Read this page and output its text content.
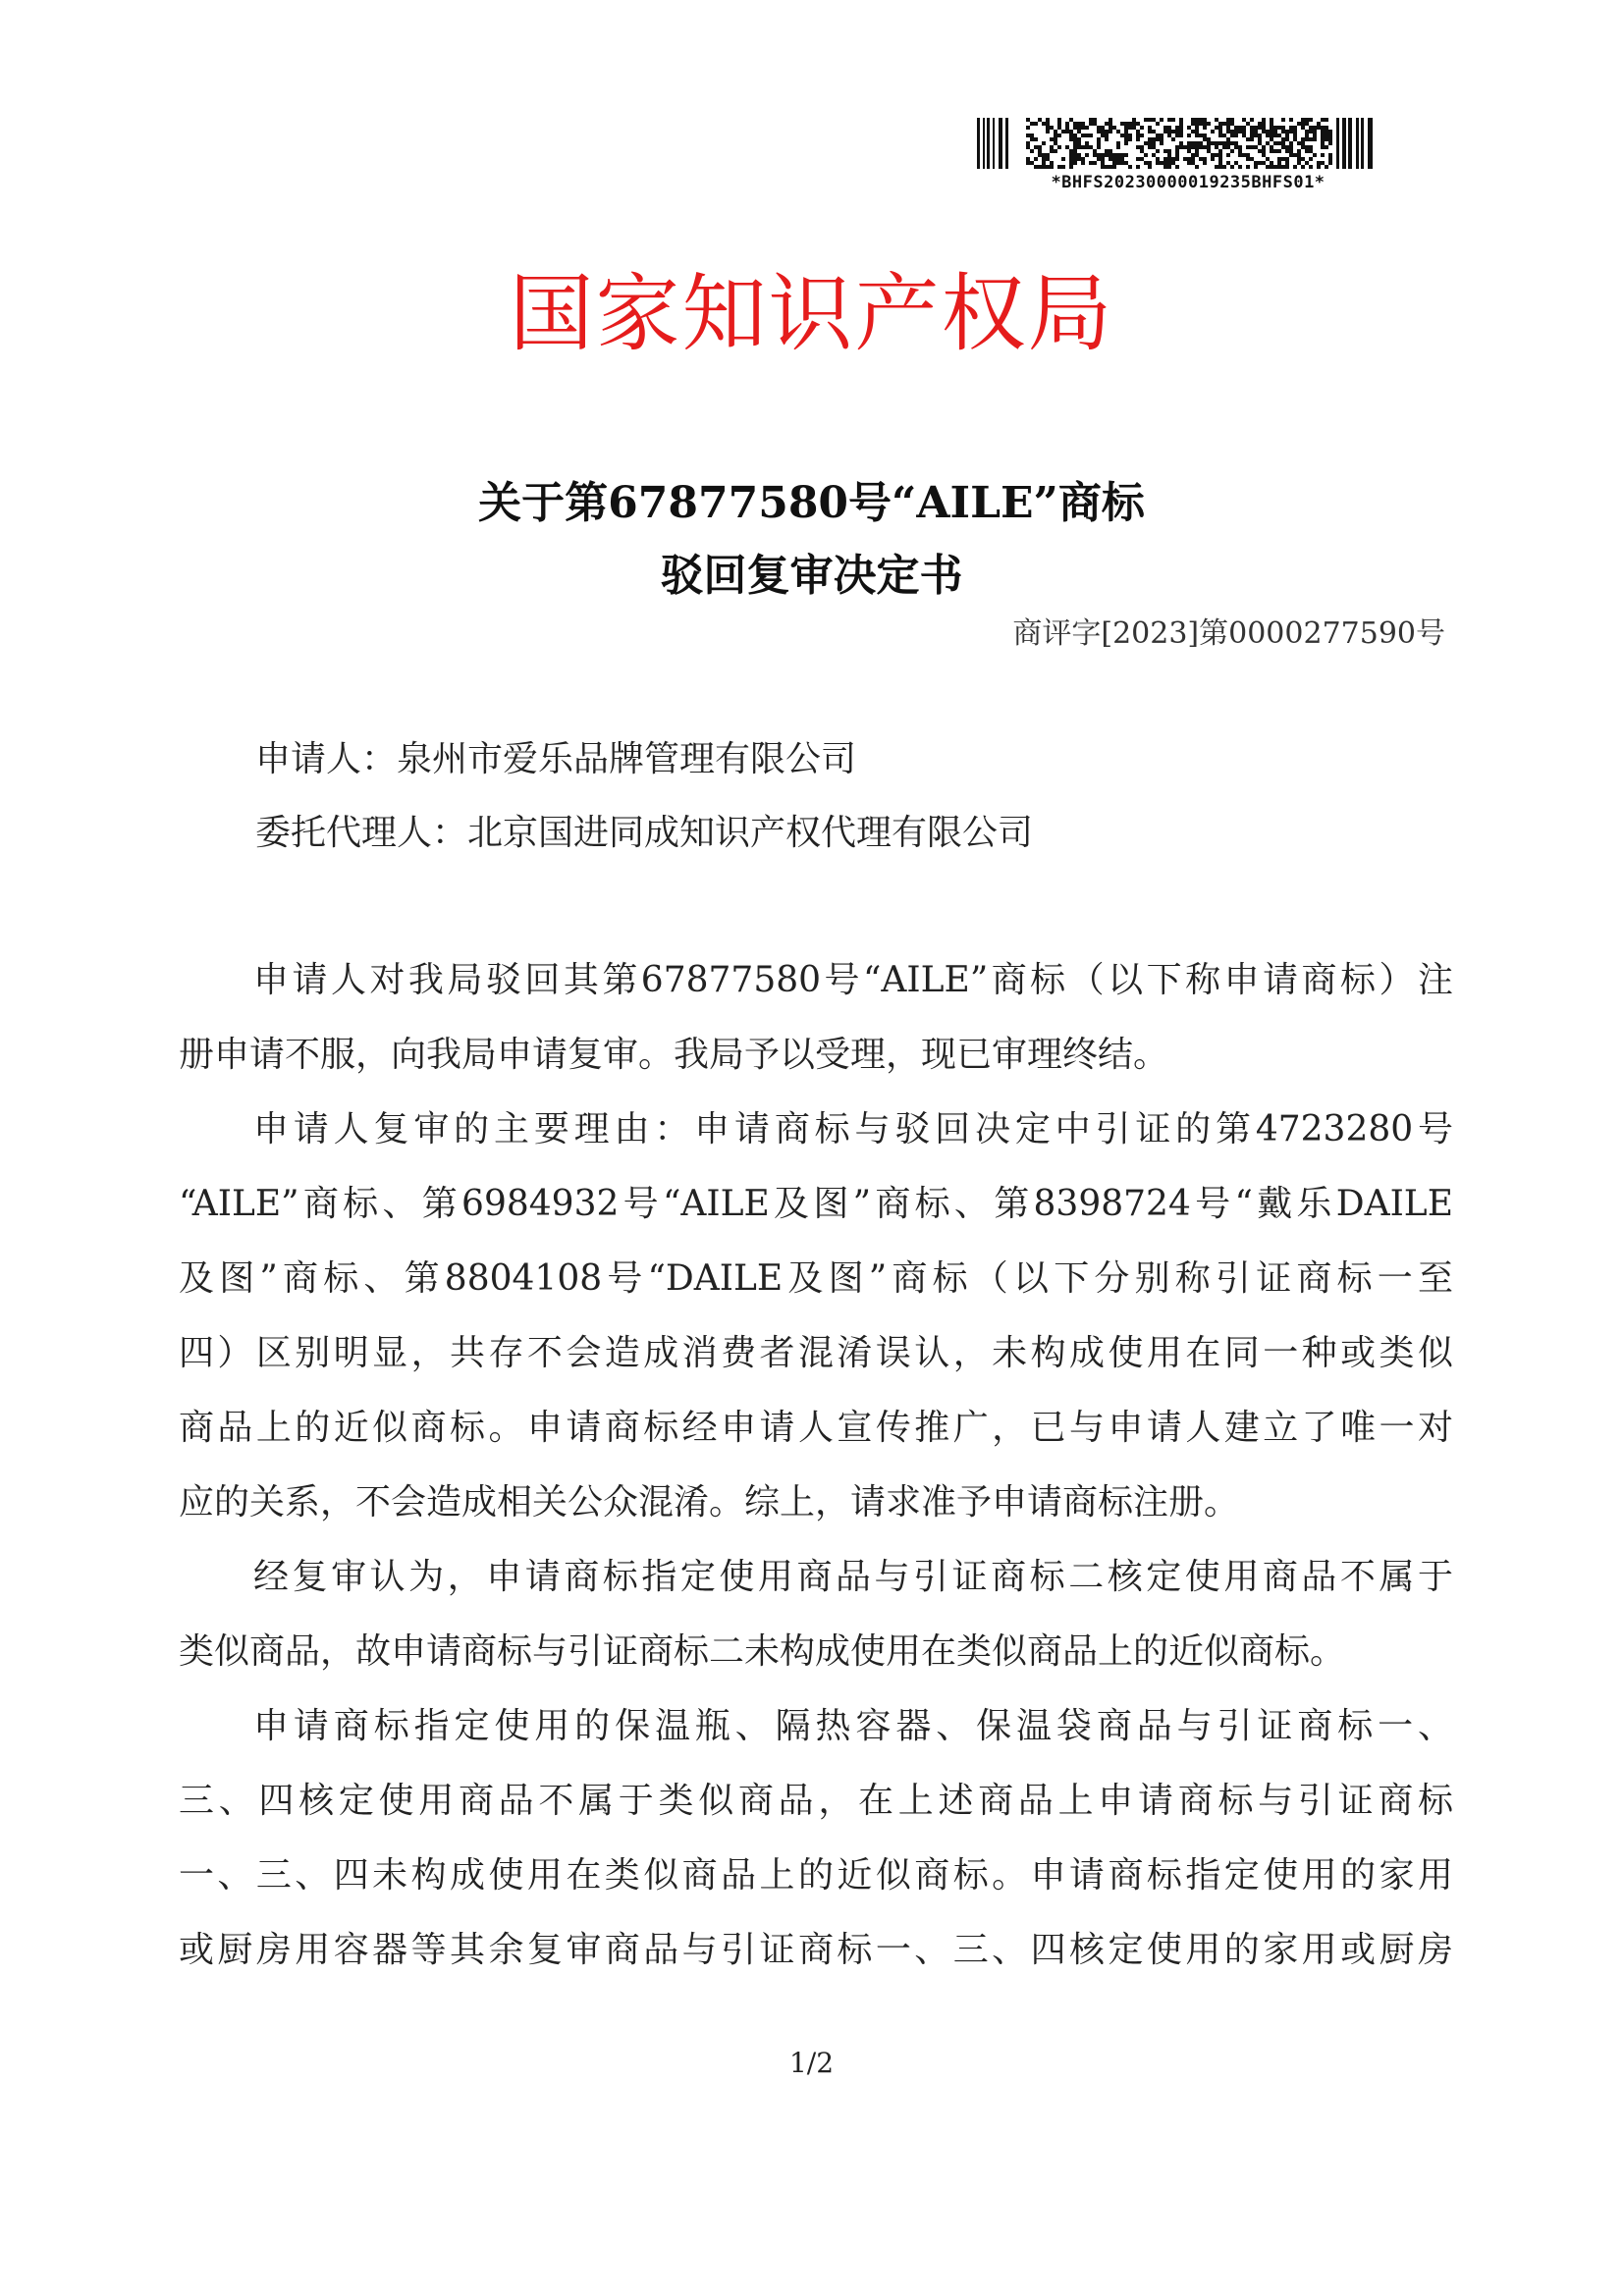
*BHFS20230000019235BHFS01*
国家知识产权局
关于第67877580号“AILE”商标
驳回复审决定书
商评字[2023]第0000277590号
申请人：泉州市爱乐品牌管理有限公司
委托代理人：北京国进同成知识产权代理有限公司
申请人对我局驳回其第67877580号“AILE”商标（以下称申请商标）注
册申请不服，向我局申请复审。我局予以受理，现已审理终结。
申请人复审的主要理由：申请商标与驳回决定中引证的第4723280号
“AILE”商标、第6984932号“AILE及图”商标、第8398724号“戴乐DAILE
及图”商标、第8804108号“DAILE及图”商标（以下分别称引证商标一至
四）区别明显，共存不会造成消费者混淆误认，未构成使用在同一种或类似
商品上的近似商标。申请商标经申请人宣传推广，已与申请人建立了唯一对
应的关系，不会造成相关公众混淆。综上，请求准予申请商标注册。
经复审认为，申请商标指定使用商品与引证商标二核定使用商品不属于
类似商品，故申请商标与引证商标二未构成使用在类似商品上的近似商标。
申请商标指定使用的保温瓶、隔热容器、保温袋商品与引证商标一、
三、四核定使用商品不属于类似商品，在上述商品上申请商标与引证商标
一、三、四未构成使用在类似商品上的近似商标。申请商标指定使用的家用
或厨房用容器等其余复审商品与引证商标一、三、四核定使用的家用或厨房
1/2
